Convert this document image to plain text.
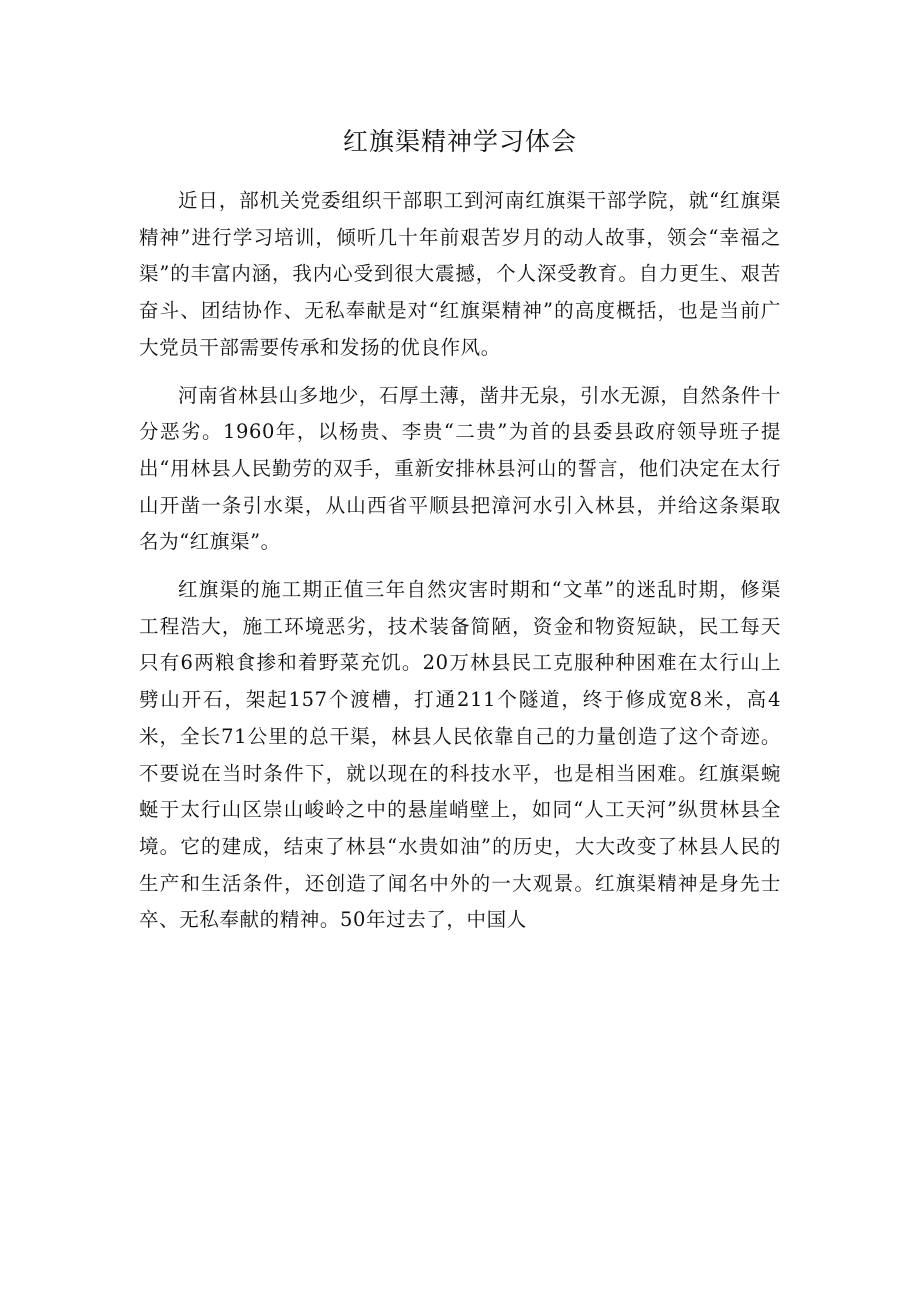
红旗渠精神学习体会

近日，部机关党委组织干部职工到河南红旗渠干部学院，就“红旗渠精神”进行学习培训，倾听几十年前艰苦岁月的动人故事，领会“幸福之渠”的丰富内涵，我内心受到很大震撼，个人深受教育。自力更生、艰苦奋斗、团结协作、无私奉献是对“红旗渠精神”的高度概括，也是当前广大党员干部需要传承和发扬的优良作风。

河南省林县山多地少，石厚土薄，凿井无泉，引水无源，自然条件十分恶劣。1960年，以杨贵、李贵“二贵”为首的县委县政府领导班子提出“用林县人民勤劳的双手，重新安排林县河山的誓言，他们决定在太行山开凿一条引水渠，从山西省平顺县把漳河水引入林县，并给这条渠取名为“红旗渠”。

红旗渠的施工期正值三年自然灾害时期和“文革”的迷乱时期，修渠工程浩大，施工环境恶劣，技术装备简陋，资金和物资短缺，民工每天只有6两粮食掺和着野菜充饥。20万林县民工克服种种困难在太行山上劈山开石，架起157个渡槽，打通211个隧道，终于修成宽8米，高4米，全长71公里的总干渠，林县人民依靠自己的力量创造了这个奇迹。不要说在当时条件下，就以现在的科技水平，也是相当困难。红旗渠蜿蜒于太行山区崇山峻岭之中的悬崖峭壁上，如同“人工天河”纵贯林县全境。它的建成，结束了林县“水贵如油”的历史，大大改变了林县人民的生产和生活条件，还创造了闻名中外的一大观景。红旗渠精神是身先士卒、无私奉献的精神。50年过去了，中国人
